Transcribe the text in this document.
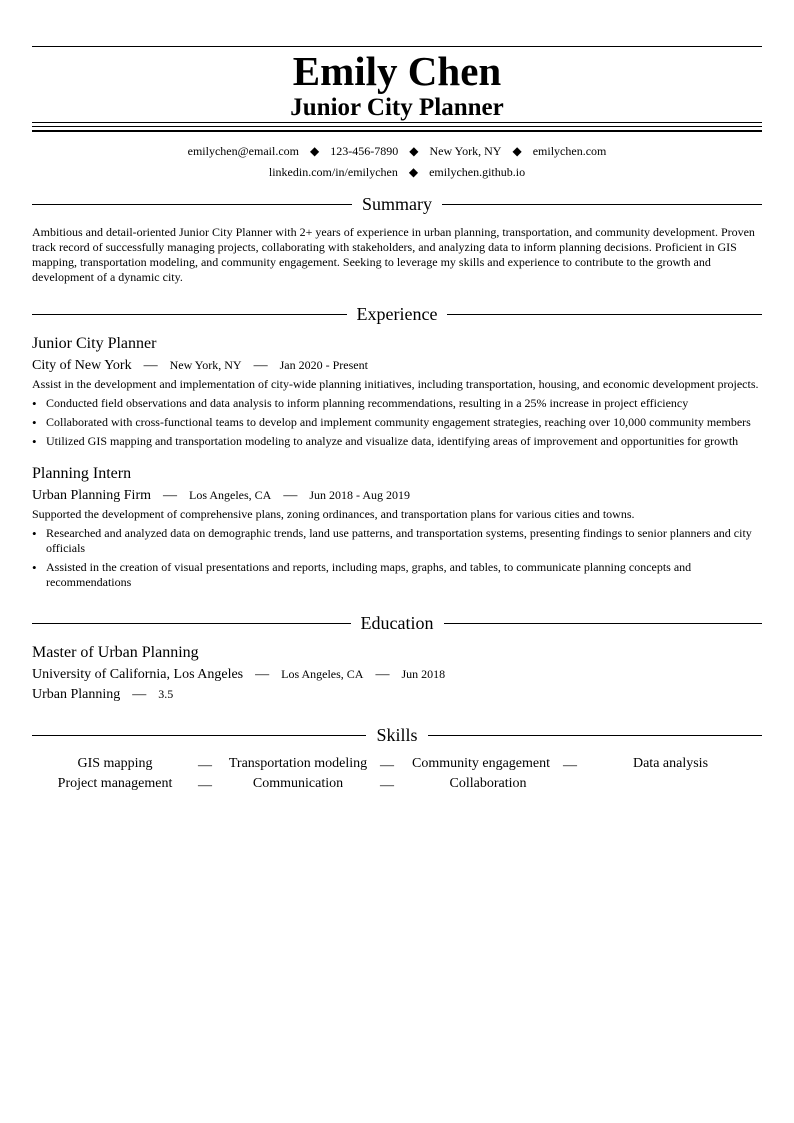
Emily Chen
Junior City Planner
emilychen@email.com ◆ 123-456-7890 ◆ New York, NY ◆ emilychen.com
linkedin.com/in/emilychen ◆ emilychen.github.io
Summary
Ambitious and detail-oriented Junior City Planner with 2+ years of experience in urban planning, transportation, and community development. Proven track record of successfully managing projects, collaborating with stakeholders, and analyzing data to inform planning decisions. Proficient in GIS mapping, transportation modeling, and community engagement. Seeking to leverage my skills and experience to contribute to the growth and development of a dynamic city.
Experience
Junior City Planner
City of New York — New York, NY — Jan 2020 - Present
Assist in the development and implementation of city-wide planning initiatives, including transportation, housing, and economic development projects.
• Conducted field observations and data analysis to inform planning recommendations, resulting in a 25% increase in project efficiency
• Collaborated with cross-functional teams to develop and implement community engagement strategies, reaching over 10,000 community members
• Utilized GIS mapping and transportation modeling to analyze and visualize data, identifying areas of improvement and opportunities for growth
Planning Intern
Urban Planning Firm — Los Angeles, CA — Jun 2018 - Aug 2019
Supported the development of comprehensive plans, zoning ordinances, and transportation plans for various cities and towns.
• Researched and analyzed data on demographic trends, land use patterns, and transportation systems, presenting findings to senior planners and city officials
• Assisted in the creation of visual presentations and reports, including maps, graphs, and tables, to communicate planning concepts and recommendations
Education
Master of Urban Planning
University of California, Los Angeles — Los Angeles, CA — Jun 2018
Urban Planning — 3.5
Skills
GIS mapping	—	Transportation modeling —	Community engagement —	Data analysis
Project management	—	Communication	—	Collaboration
